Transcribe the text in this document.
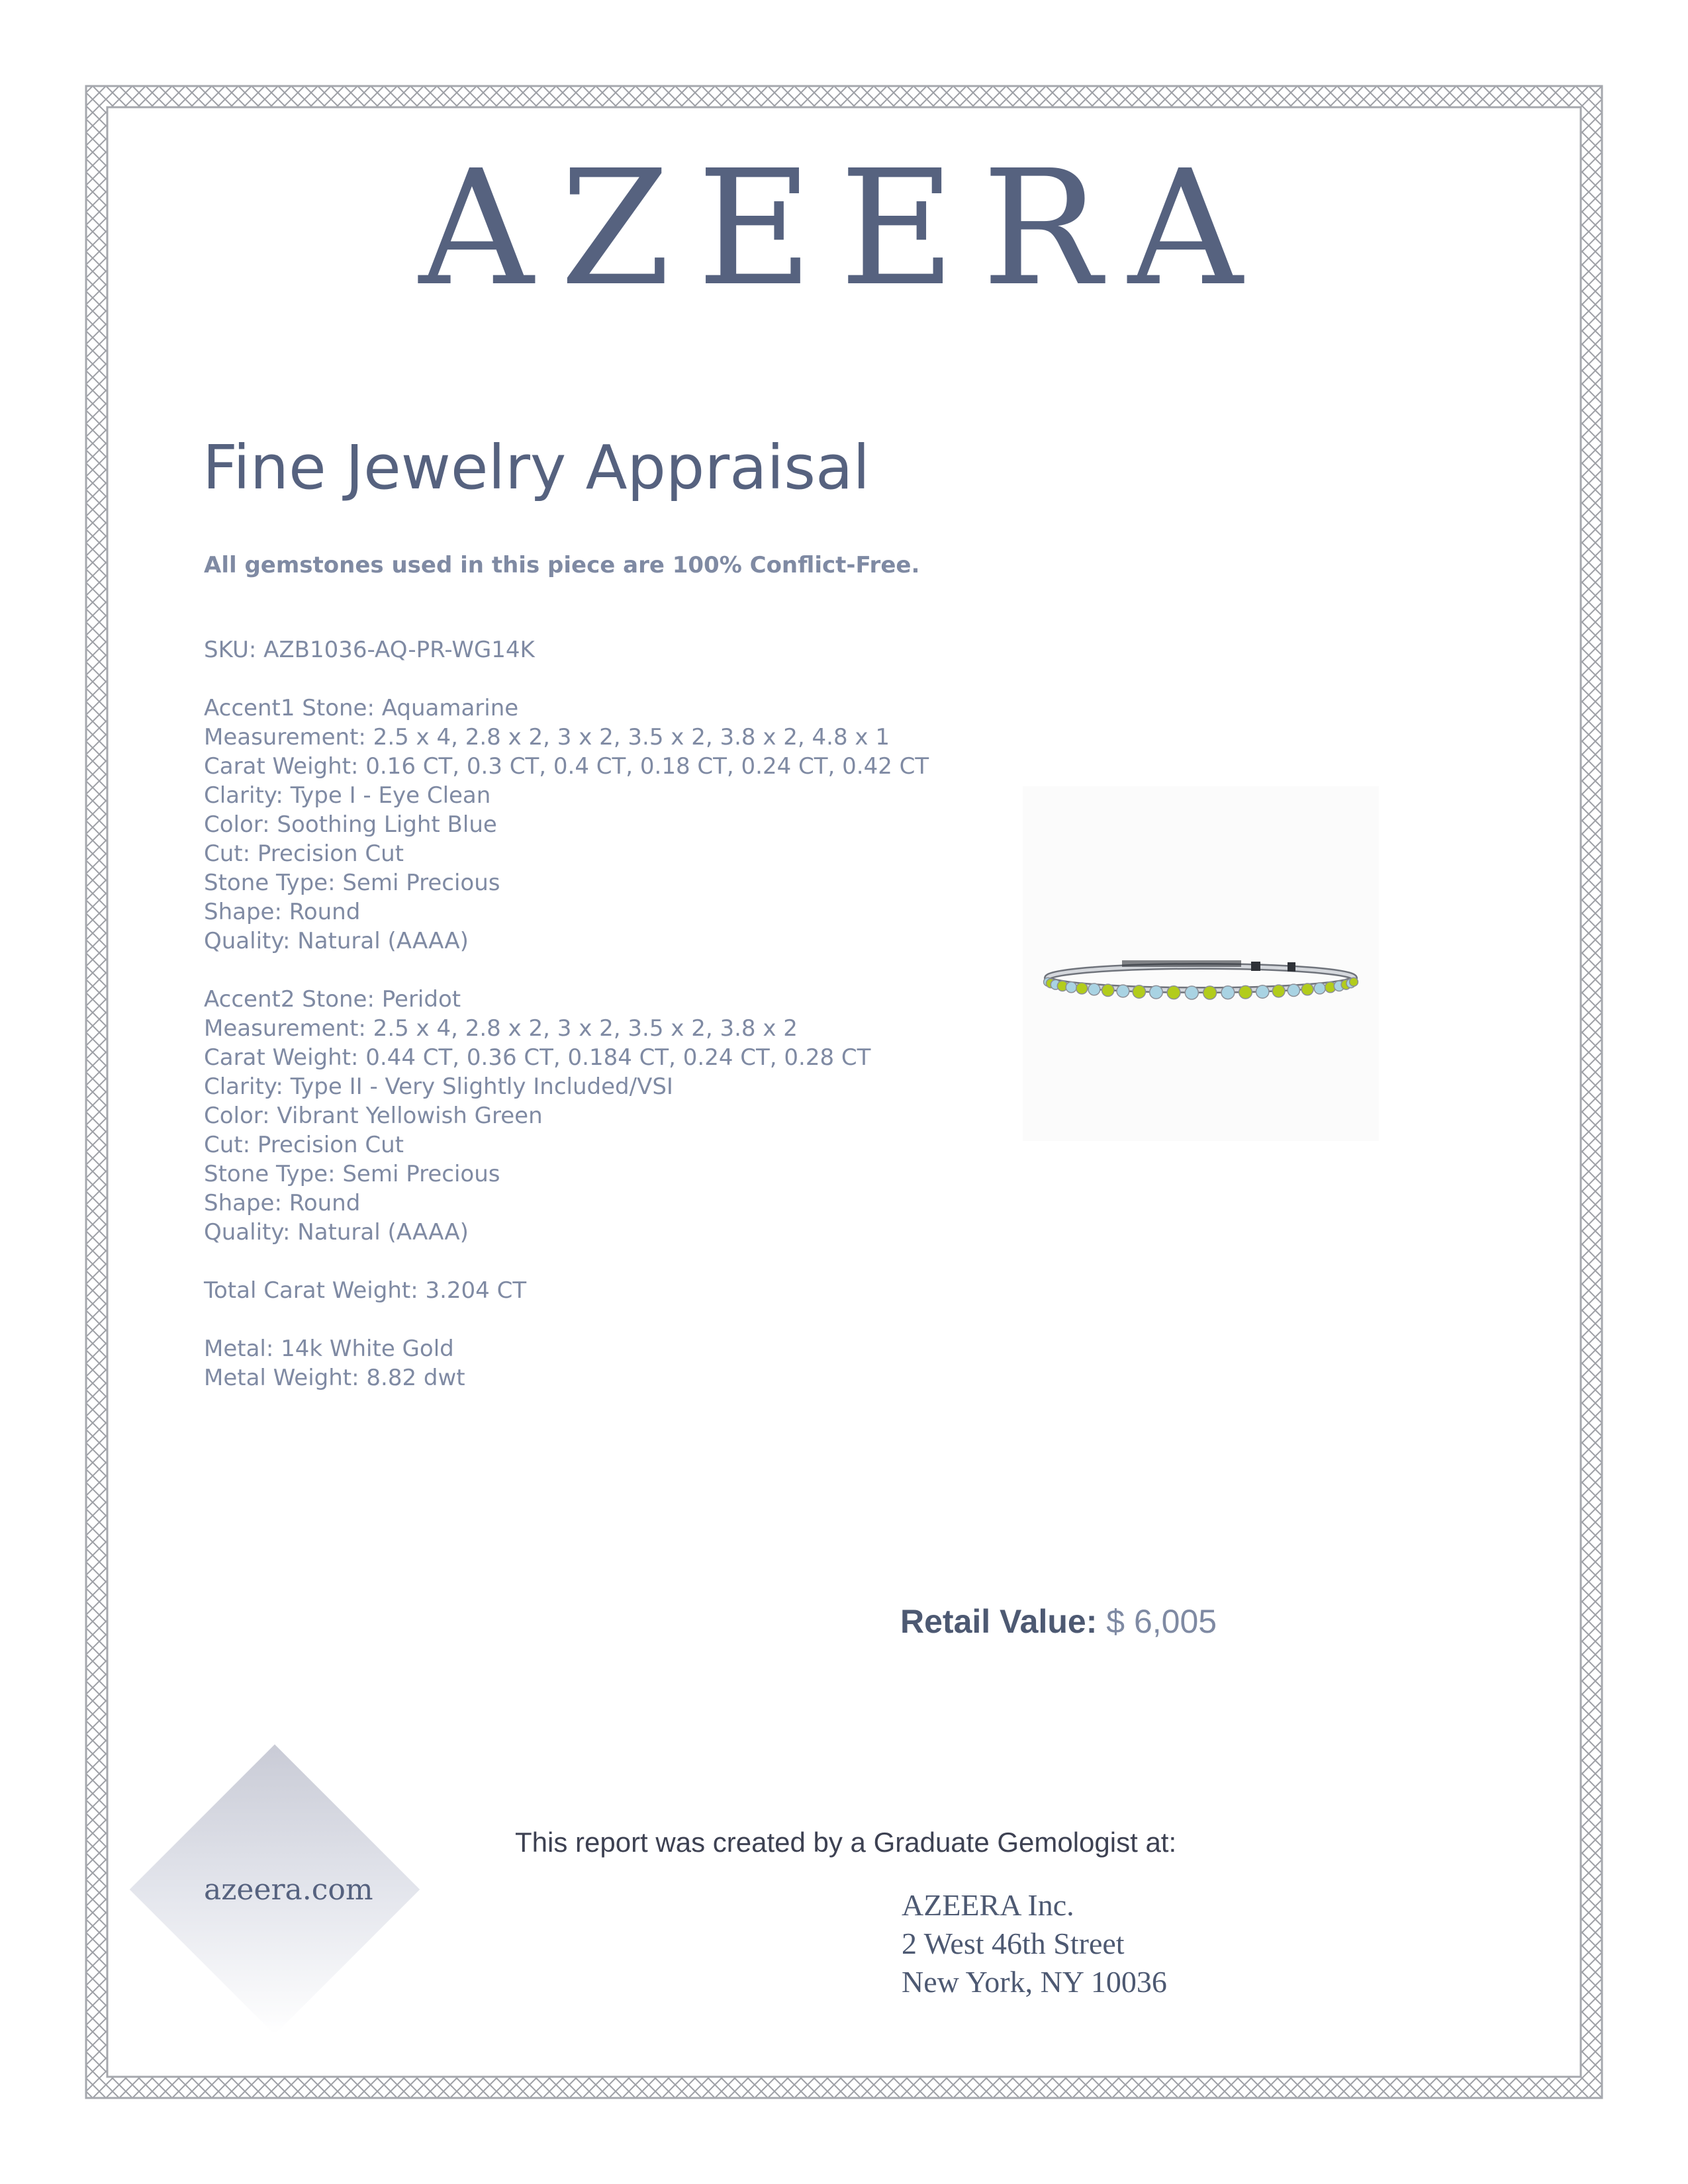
AZEERA
Fine Jewelry Appraisal
All gemstones used in this piece are 100% Conflict-Free.
SKU: AZB1036-AQ-PR-WG14K
Accent1 Stone: Aquamarine
Measurement: 2.5 x 4, 2.8 x 2, 3 x 2, 3.5 x 2, 3.8 x 2, 4.8 x 1
Carat Weight: 0.16 CT, 0.3 CT, 0.4 CT, 0.18 CT, 0.24 CT, 0.42 CT
Clarity: Type I - Eye Clean
Color: Soothing Light Blue
Cut: Precision Cut
Stone Type: Semi Precious
Shape: Round
Quality: Natural (AAAA)
Accent2 Stone: Peridot
Measurement: 2.5 x 4, 2.8 x 2, 3 x 2, 3.5 x 2, 3.8 x 2
Carat Weight: 0.44 CT, 0.36 CT, 0.184 CT, 0.24 CT, 0.28 CT
Clarity: Type II - Very Slightly Included/VSI
Color: Vibrant Yellowish Green
Cut: Precision Cut
Stone Type: Semi Precious
Shape: Round
Quality: Natural (AAAA)
Total Carat Weight: 3.204 CT
Metal: 14k White Gold
Metal Weight: 8.82 dwt
Retail Value: $ 6,005
azeera.com
This report was created by a Graduate Gemologist at:
AZEERA Inc.
2 West 46th Street
New York, NY 10036
